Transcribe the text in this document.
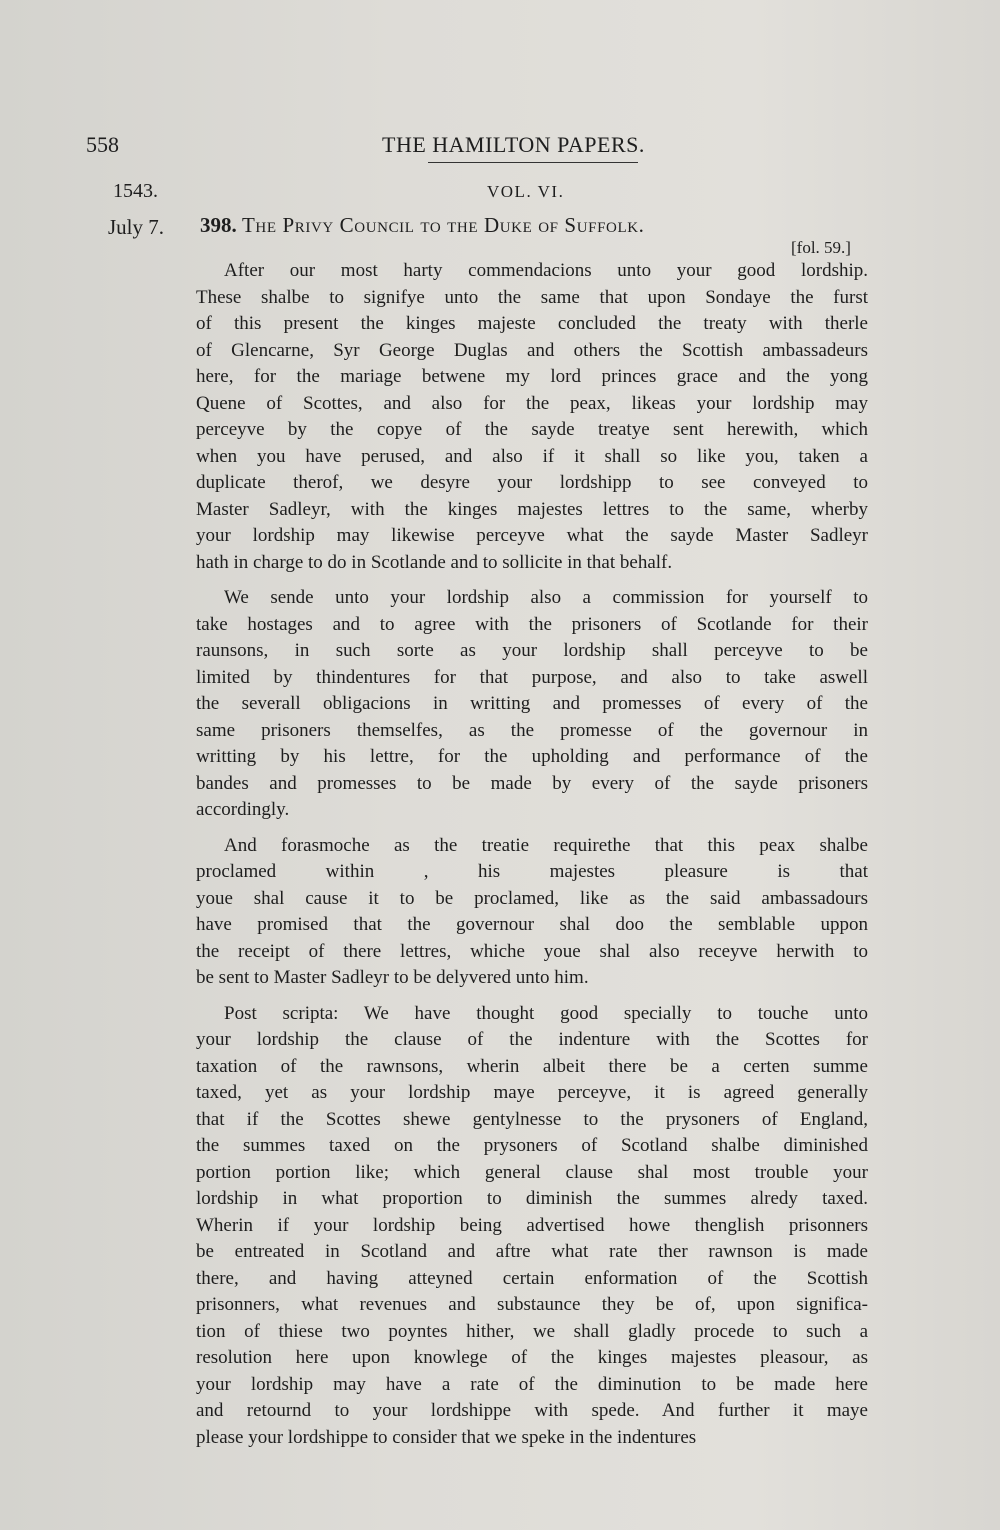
558	THE HAMILTON PAPERS.
1543.	VOL. VI.
July 7. 398. The Privy Council to the Duke of Suffolk.
[fol. 59.]
After our most harty commendacions unto your good lordship.
These shalbe to signifye unto the same that upon Sondaye the furst
of this present the kinges majeste concluded the treaty with therle
of Glencarne, Syr George Duglas and others the Scottish ambassadeurs
here, for the mariage betwene my lord princes grace and the yong
Quene of Scottes, and also for the peax, likeas your lordship may
perceyve by the copye of the sayde treatye sent herewith, which
when you have perused, and also if it shall so like you, taken a
duplicate therof, we desyre your lordshipp to see conveyed to
Master Sadleyr, with the kinges majestes lettres to the same, wherby
your lordship may likewise perceyve what the sayde Master Sadleyr
hath in charge to do in Scotlande and to sollicite in that behalf.
We sende unto your lordship also a commission for yourself to
take hostages and to agree with the prisoners of Scotlande for their
raunsons, in such sorte as your lordship shall perceyve to be
limited by thindentures for that purpose, and also to take aswell
the severall obligacions in writting and promesses of every of the
same prisoners themselfes, as the promesse of the governour in
writting by his lettre, for the upholding and performance of the
bandes and promesses to be made by every of the sayde prisoners
accordingly.
And forasmoche as the treatie requirethe that this peax shalbe
proclamed within , his majestes pleasure is that
youe shal cause it to be proclamed, like as the said ambassadours
have promised that the governour shal doo the semblable uppon
the receipt of there lettres, whiche youe shal also receyve herwith to
be sent to Master Sadleyr to be delyvered unto him.
Post scripta: We have thought good specially to touche unto
your lordship the clause of the indenture with the Scottes for
taxation of the rawnsons, wherin albeit there be a certen summe
taxed, yet as your lordship maye perceyve, it is agreed generally
that if the Scottes shewe gentylnesse to the prysoners of England,
the summes taxed on the prysoners of Scotland shalbe diminished
portion portion like; which general clause shal most trouble your
lordship in what proportion to diminish the summes alredy taxed.
Wherin if your lordship being advertised howe thenglish prisonners
be entreated in Scotland and aftre what rate ther rawnson is made
there, and having atteyned certain enformation of the Scottish
prisonners, what revenues and substaunce they be of, upon significa-
tion of thiese two poyntes hither, we shall gladly procede to such a
resolution here upon knowlege of the kinges majestes pleasour, as
your lordship may have a rate of the diminution to be made here
and retournd to your lordshippe with spede. And further it maye
please your lordshippe to consider that we speke in the indentures
